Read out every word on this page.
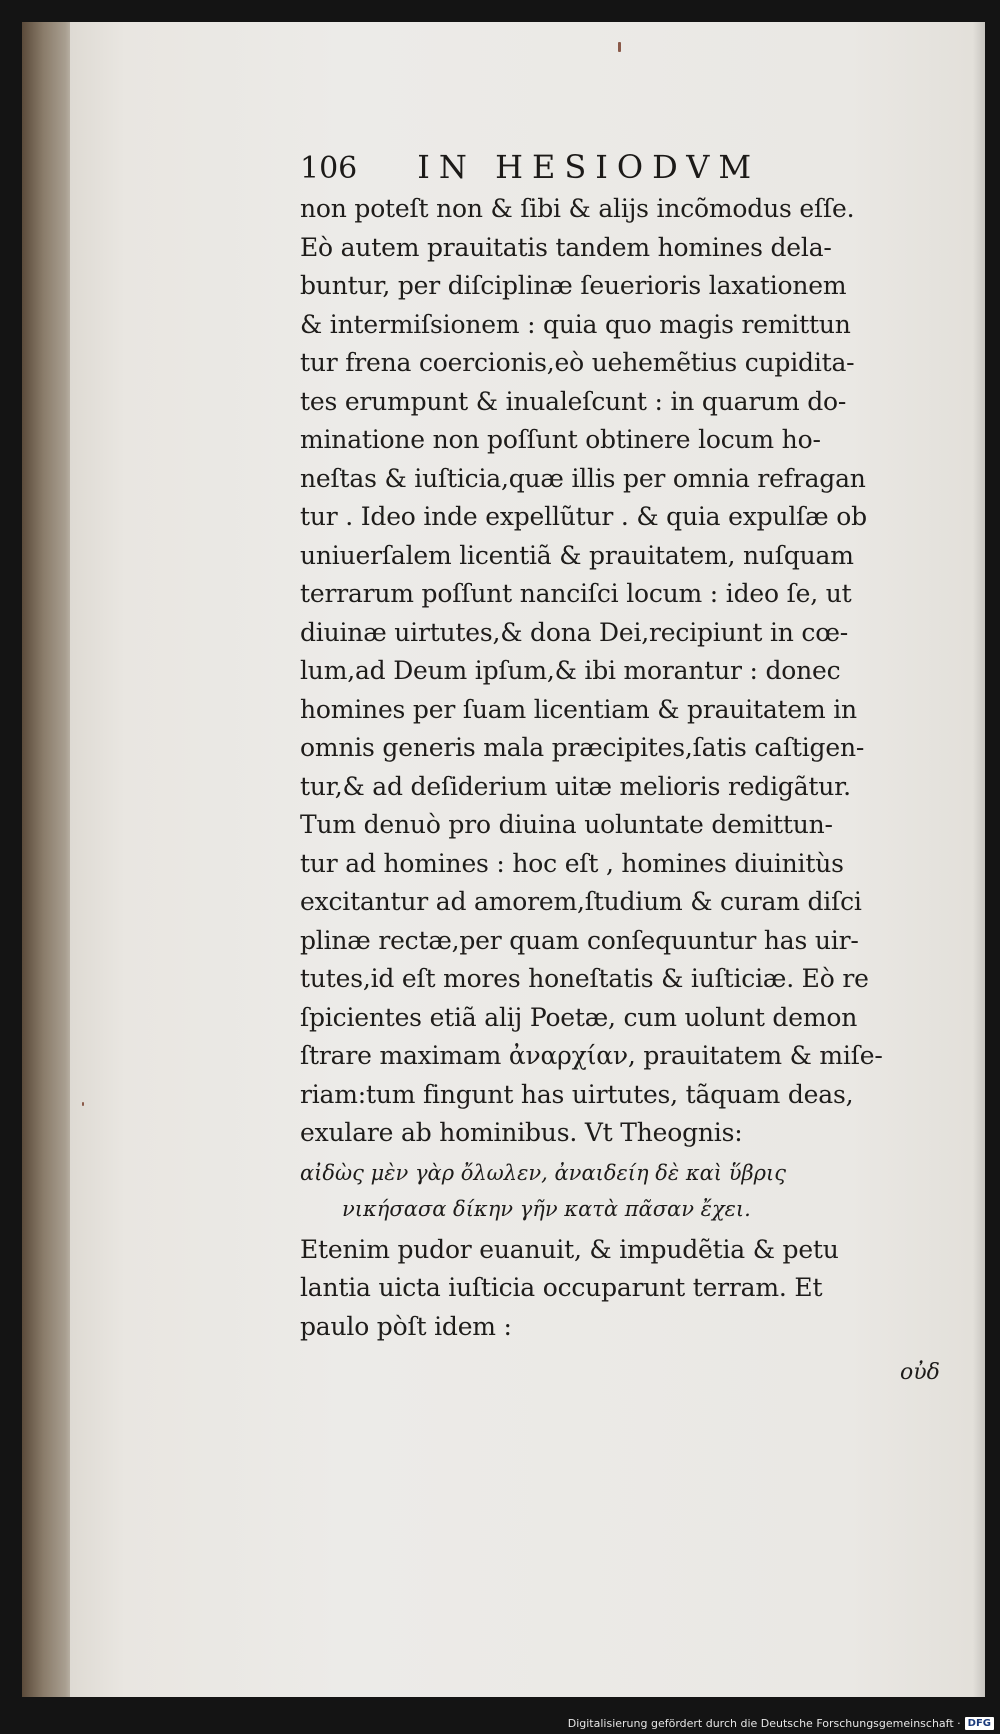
106 IN HESIODVM
non poteſt non & ſibi & aliјs incõmodus eſſe.
Eò autem prauitatis tandem homines dela-
buntur, per diſciplinæ ſeuerioris laxationem
& intermiſsionem : quia quo magis remittun
tur frena coercionis,eò uehemẽtius cupidita-
tes erumpunt & inualeſcunt : in quarum do-
minatione non poſſunt obtinere locum ho-
neſtas & iuſticia,quæ illis per omnia refragan
tur . Ideo inde expellũtur . & quia expulſæ ob
uniuerſalem licentiã & prauitatem, nuſquam
terrarum poſſunt nanciſci locum : ideo ſe, ut
diuinæ uirtutes,& dona Dei,recipiunt in cœ-
lum,ad Deum ipſum,& ibi morantur : donec
homines per ſuam licentiam & prauitatem in
omnis generis mala præcipites,ſatis caſtigen-
tur,& ad deſiderium uitæ melioris redigãtur.
Tum denuò pro diuina uoluntate demittun-
tur ad homines : hoc eſt , homines diuinitùs
excitantur ad amorem,ſtudium & curam diſci
plinæ rectæ,per quam conſequuntur has uir-
tutes,id eſt mores honeſtatis & iuſticiæ. Eò re
ſpicientes etiã aliј Poetæ, cum uolunt demon
ſtrare maximam ἀναρχίαν, prauitatem & miſe-
riam:tum fingunt has uirtutes, tãquam deas,
exulare ab hominibus. Vt Theognis:
αἰδὼς μὲν γὰρ ὄλωλεν, ἀναιδείη δὲ καὶ ὕβρις
νικήσασα δίκην γῆν κατὰ πᾶσαν ἔχει.
Etenim pudor euanuit, & impudẽtia & petu
lantia uicta iuſticia occuparunt terram. Et
paulo pòſt idem :
οὐδ
Digitalisierung gefördert durch die Deutsche Forschungsgemeinschaft · DFG
